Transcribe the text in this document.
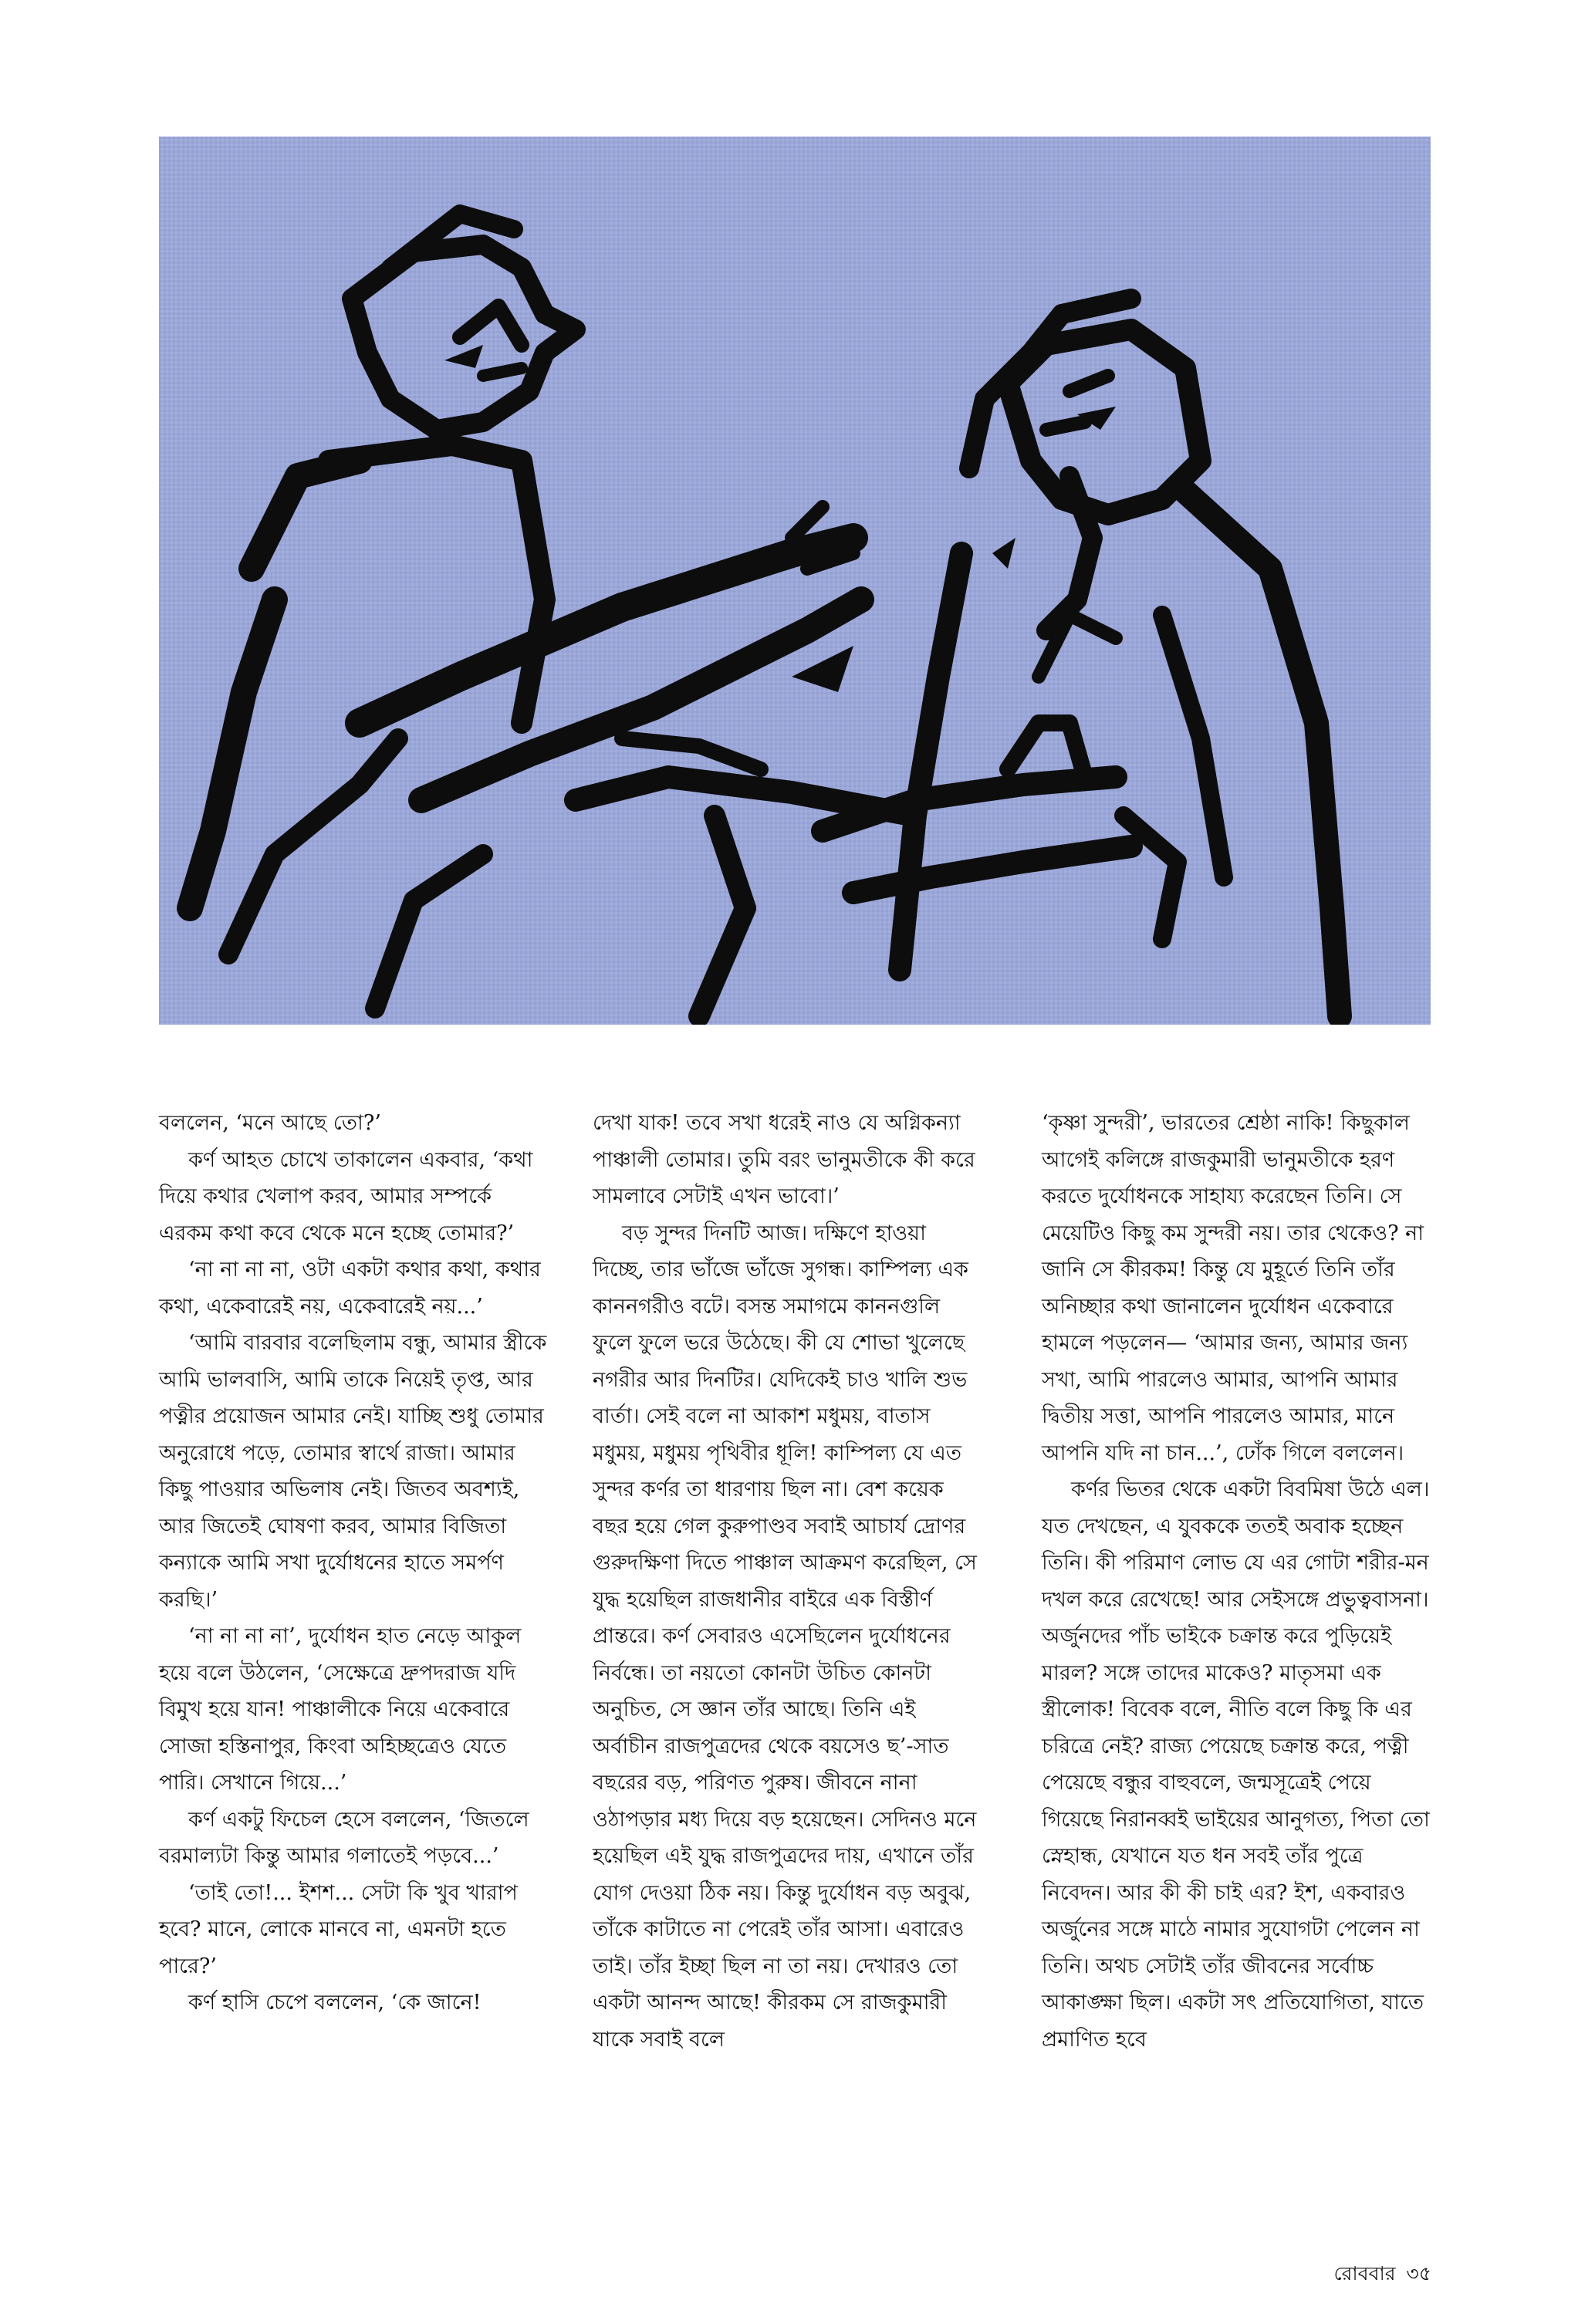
বললেন, ‘মনে আছে তো?’

কর্ণ আহত চোখে তাকালেন একবার, ‘কথা দিয়ে কথার খেলাপ করব, আমার সম্পর্কে এরকম কথা কবে থেকে মনে হচ্ছে তোমার?’

‘না না না না, ওটা একটা কথার কথা, কথার কথা, একেবারেই নয়, একেবারেই নয়...’

‘আমি বারবার বলেছিলাম বন্ধু, আমার স্ত্রীকে আমি ভালবাসি, আমি তাকে নিয়েই তৃপ্ত, আর পত্নীর প্রয়োজন আমার নেই। যাচ্ছি শুধু তোমার অনুরোধে পড়ে, তোমার স্বার্থে রাজা। আমার কিছু পাওয়ার অভিলাষ নেই। জিতব অবশ্যই, আর জিতেই ঘোষণা করব, আমার বিজিতা কন্যাকে আমি সখা দুর্যোধনের হাতে সমর্পণ করছি।’

‘না না না না’, দুর্যোধন হাত নেড়ে আকুল হয়ে বলে উঠলেন, ‘সেক্ষেত্রে দ্রুপদরাজ যদি বিমুখ হয়ে যান! পাঞ্চালীকে নিয়ে একেবারে সোজা হস্তিনাপুর, কিংবা অহিচ্ছত্রেও যেতে পারি। সেখানে গিয়ে...’

কর্ণ একটু ফিচেল হেসে বললেন, ‘জিতলে বরমাল্যটা কিন্তু আমার গলাতেই পড়বে...’

‘তাই তো!... ইশশ... সেটা কি খুব খারাপ হবে? মানে, লোকে মানবে না, এমনটা হতে পারে?’

কর্ণ হাসি চেপে বললেন, ‘কে জানে!

দেখা যাক! তবে সখা ধরেই নাও যে অগ্নিকন্যা পাঞ্চালী তোমার। তুমি বরং ভানুমতীকে কী করে সামলাবে সেটাই এখন ভাবো।’

বড় সুন্দর দিনটি আজ। দক্ষিণে হাওয়া দিচ্ছে, তার ভাঁজে ভাঁজে সুগন্ধ। কাম্পিল্য এক কাননগরীও বটে। বসন্ত সমাগমে কাননগুলি ফুলে ফুলে ভরে উঠেছে। কী যে শোভা খুলেছে নগরীর আর দিনটির। যেদিকেই চাও খালি শুভ বার্তা। সেই বলে না আকাশ মধুময়, বাতাস মধুময়, মধুময় পৃথিবীর ধূলি! কাম্পিল্য যে এত সুন্দর কর্ণর তা ধারণায় ছিল না। বেশ কয়েক বছর হয়ে গেল কুরুপাণ্ডব সবাই আচার্য দ্রোণর গুরুদক্ষিণা দিতে পাঞ্চাল আক্রমণ করেছিল, সে যুদ্ধ হয়েছিল রাজধানীর বাইরে এক বিস্তীর্ণ প্রান্তরে। কর্ণ সেবারও এসেছিলেন দুর্যোধনের নির্বন্ধে। তা নয়তো কোনটা উচিত কোনটা অনুচিত, সে জ্ঞান তাঁর আছে। তিনি এই অর্বাচীন রাজপুত্রদের থেকে বয়সেও ছ’-সাত বছরের বড়, পরিণত পুরুষ। জীবনে নানা ওঠাপড়ার মধ্য দিয়ে বড় হয়েছেন। সেদিনও মনে হয়েছিল এই যুদ্ধ রাজপুত্রদের দায়, এখানে তাঁর যোগ দেওয়া ঠিক নয়। কিন্তু দুর্যোধন বড় অবুঝ, তাঁকে কাটাতে না পেরেই তাঁর আসা। এবারেও তাই। তাঁর ইচ্ছা ছিল না তা নয়। দেখারও তো একটা আনন্দ আছে! কীরকম সে রাজকুমারী যাকে সবাই বলে

‘কৃষ্ণা সুন্দরী’, ভারতের শ্রেষ্ঠা নাকি! কিছুকাল আগেই কলিঙ্গে রাজকুমারী ভানুমতীকে হরণ করতে দুর্যোধনকে সাহায্য করেছেন তিনি। সে মেয়েটিও কিছু কম সুন্দরী নয়। তার থেকেও? না জানি সে কীরকম! কিন্তু যে মুহূর্তে তিনি তাঁর অনিচ্ছার কথা জানালেন দুর্যোধন একেবারে হামলে পড়লেন— ‘আমার জন্য, আমার জন্য সখা, আমি পারলেও আমার, আপনি আমার দ্বিতীয় সত্তা, আপনি পারলেও আমার, মানে আপনি যদি না চান...’, ঢোঁক গিলে বললেন।

কর্ণর ভিতর থেকে একটা বিবমিষা উঠে এল। যত দেখছেন, এ যুবককে ততই অবাক হচ্ছেন তিনি। কী পরিমাণ লোভ যে এর গোটা শরীর-মন দখল করে রেখেছে! আর সেইসঙ্গে প্রভুত্ববাসনা। অর্জুনদের পাঁচ ভাইকে চক্রান্ত করে পুড়িয়েই মারল? সঙ্গে তাদের মাকেও? মাতৃসমা এক স্ত্রীলোক! বিবেক বলে, নীতি বলে কিছু কি এর চরিত্রে নেই? রাজ্য পেয়েছে চক্রান্ত করে, পত্নী পেয়েছে বন্ধুর বাহুবলে, জন্মসূত্রেই পেয়ে গিয়েছে নিরানব্বই ভাইয়ের আনুগত্য, পিতা তো স্নেহান্ধ, যেখানে যত ধন সবই তাঁর পুত্রে নিবেদন। আর কী কী চাই এর? ইশ, একবারও অর্জুনের সঙ্গে মাঠে নামার সুযোগটা পেলেন না তিনি। অথচ সেটাই তাঁর জীবনের সর্বোচ্চ আকাঙ্ক্ষা ছিল। একটা সৎ প্রতিযোগিতা, যাতে প্রমাণিত হবে

রোববার ৩৫
